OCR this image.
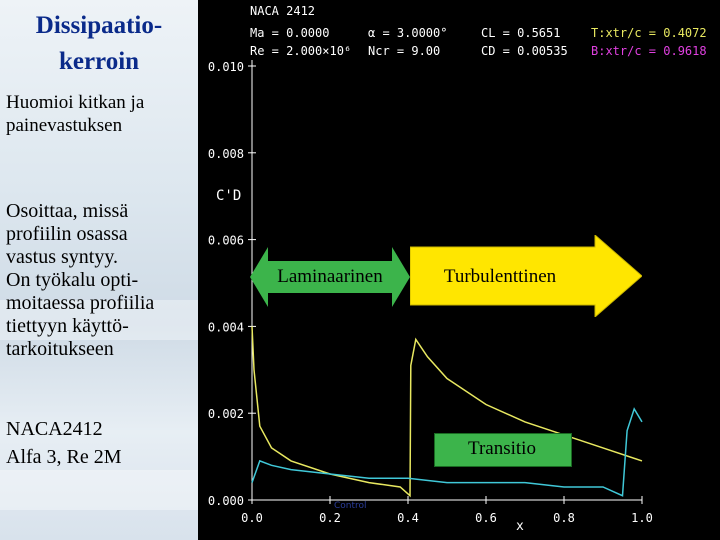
Dissipaatio-
kerroin
Huomioi kitkan ja
painevastuksen
Osoittaa, missä
profiilin osassa
vastus syntyy.
On työkalu opti-
moitaessa profiilia
tiettyyn käyttö-
tarkoitukseen
NACA2412
Alfa 3, Re 2M
NACA 2412
Ma = 0.0000
Re = 2.000×10⁶
α = 3.0000°
Ncr = 9.00
CL = 0.5651
CD = 0.00535
T:xtr/c = 0.4072
B:xtr/c = 0.9618
0.000
0.002
0.004
0.006
0.008
0.010
0.0	0.2	0.4	0.6	0.8	1.0
C'D
x
Control
Laminaarinen	Turbulenttinen
Transitio
